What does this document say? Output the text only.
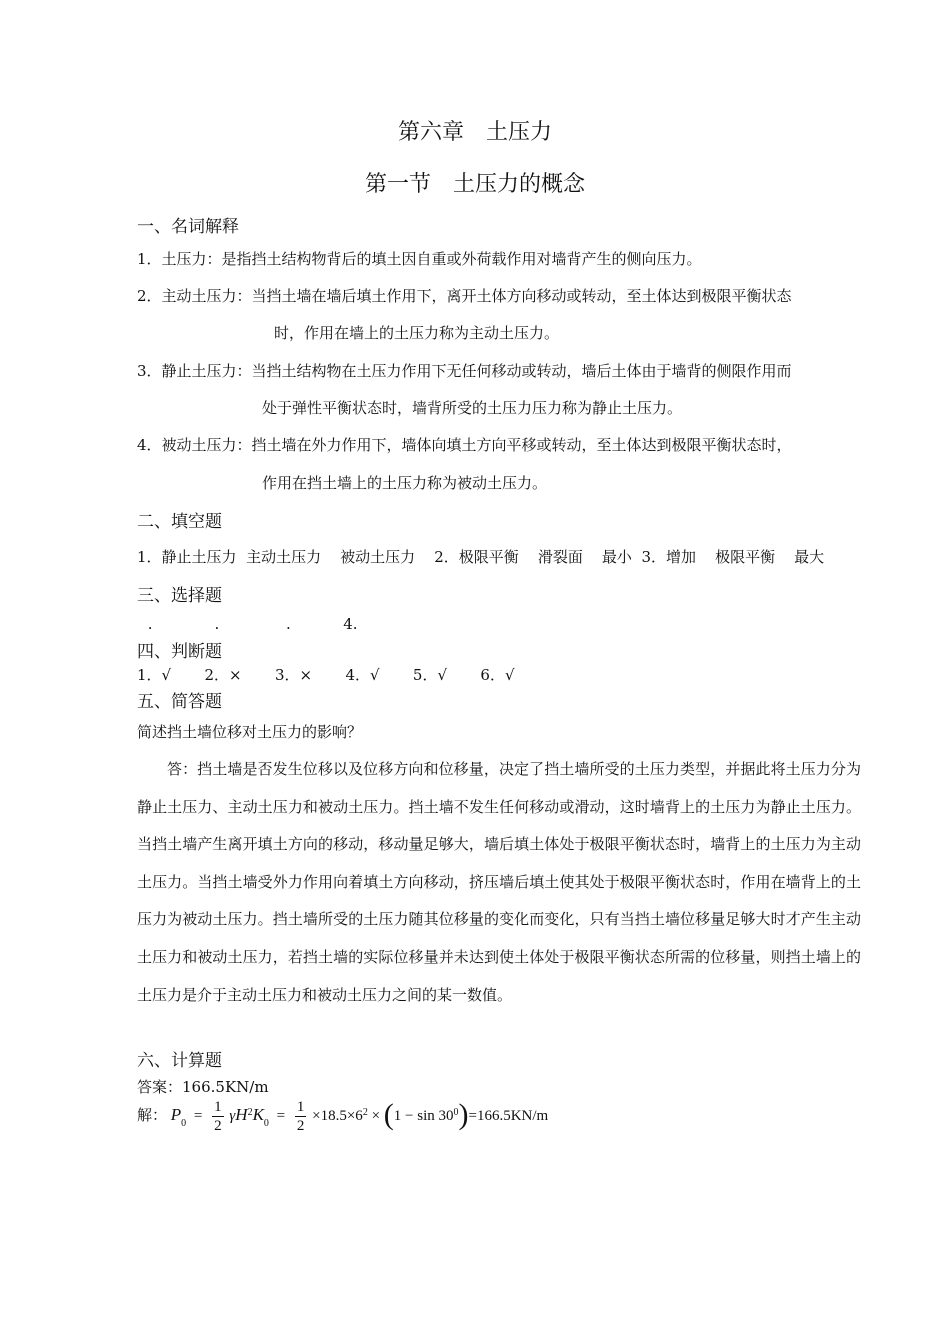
第六章　土压力
第一节　土压力的概念
一、名词解释
1．土压力：是指挡土结构物背后的填土因自重或外荷载作用对墙背产生的侧向压力。
2．主动土压力：当挡土墙在墙后填土作用下，离开土体方向移动或转动，至土体达到极限平衡状态
时，作用在墙上的土压力称为主动土压力。
3．静止土压力：当挡土结构物在土压力作用下无任何移动或转动，墙后土体由于墙背的侧限作用而
处于弹性平衡状态时，墙背所受的土压力压力称为静止土压力。
4．被动土压力：挡土墙在外力作用下，墙体向填土方向平移或转动，至土体达到极限平衡状态时，
作用在挡土墙上的土压力称为被动土压力。
二、填空题
1．静止土压力  主动土压力    被动土压力    2．极限平衡    滑裂面    最小  3．增加    极限平衡    最大
三、选择题
.             .              .           4.
四、判断题
1．√       2．×       3．×       4．√       5．√       6．√
五、简答题
简述挡土墙位移对土压力的影响？
答：挡土墙是否发生位移以及位移方向和位移量，决定了挡土墙所受的土压力类型，并据此将土压力分为静止土压力、主动土压力和被动土压力。挡土墙不发生任何移动或滑动，这时墙背上的土压力为静止土压力。当挡土墙产生离开填土方向的移动，移动量足够大，墙后填土体处于极限平衡状态时，墙背上的土压力为主动土压力。当挡土墙受外力作用向着填土方向移动，挤压墙后填土使其处于极限平衡状态时，作用在墙背上的土压力为被动土压力。挡土墙所受的土压力随其位移量的变化而变化，只有当挡土墙位移量足够大时才产生主动土压力和被动土压力，若挡土墙的实际位移量并未达到使土体处于极限平衡状态所需的位移量，则挡土墙上的土压力是介于主动土压力和被动土压力之间的某一数值。
六、计算题
答案：166.5KN/m
解： $P_0 = \frac{1}{2} \gamma H^2K_0 = \frac{1}{2} \times 18.5\times 6^2 \times (1 - \sin 30^0)=166.5KN/m$
